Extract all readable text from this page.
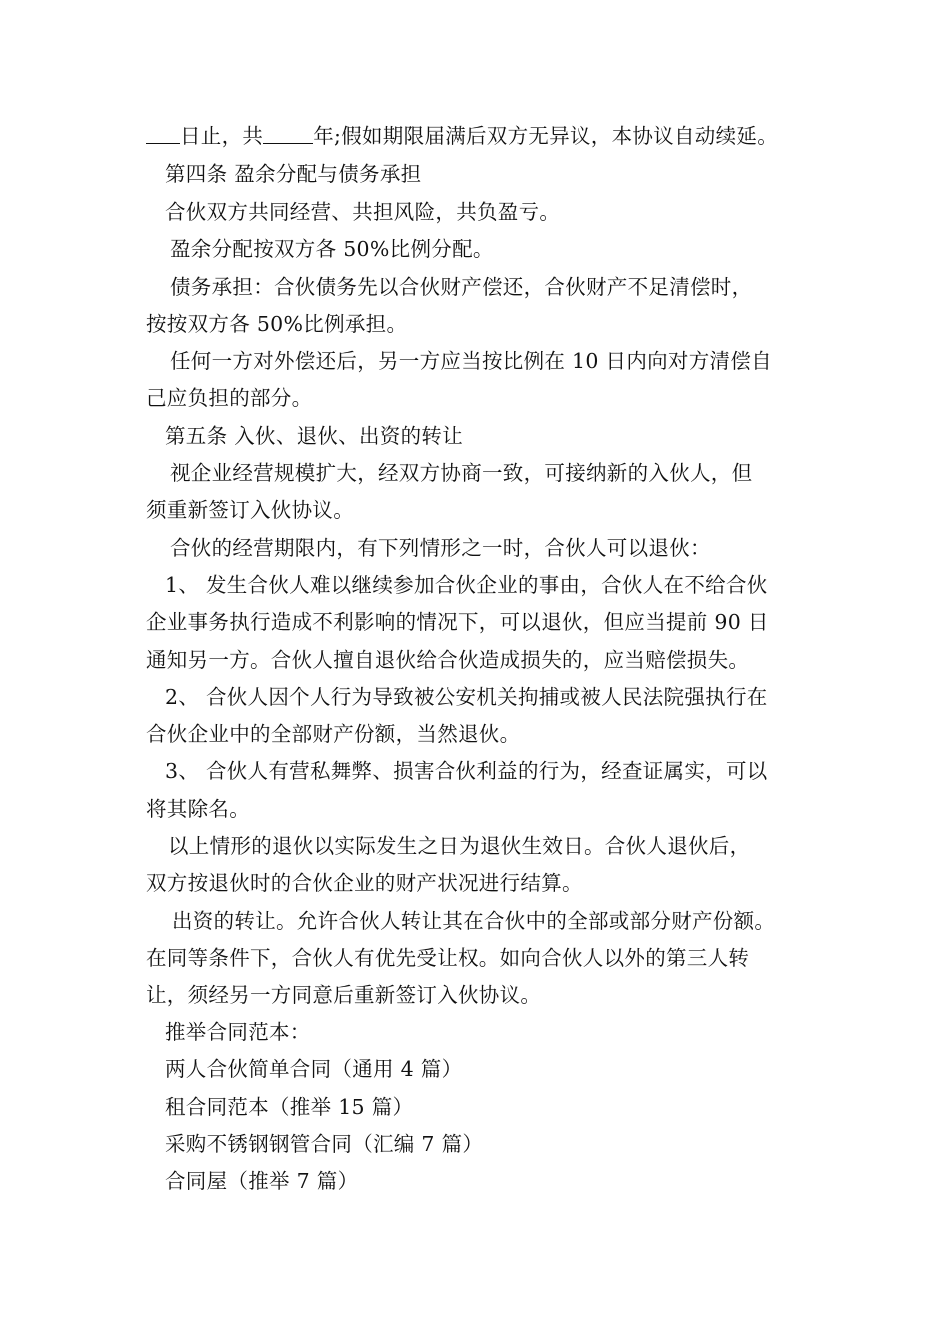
日止，共 年;假如期限届满后双方无异议，本协议自动续延。
第四条 盈余分配与债务承担
合伙双方共同经营、共担风险，共负盈亏。
盈余分配按双方各 50%比例分配。
债务承担：合伙债务先以合伙财产偿还，合伙财产不足清偿时，
按按双方各 50%比例承担。
任何一方对外偿还后，另一方应当按比例在 10 日内向对方清偿自
己应负担的部分。
第五条 入伙、退伙、出资的转让
视企业经营规模扩大，经双方协商一致，可接纳新的入伙人，但
须重新签订入伙协议。
合伙的经营期限内，有下列情形之一时，合伙人可以退伙：
1、 发生合伙人难以继续参加合伙企业的事由，合伙人在不给合伙
企业事务执行造成不利影响的情况下，可以退伙，但应当提前 90 日
通知另一方。合伙人擅自退伙给合伙造成损失的，应当赔偿损失。
2、 合伙人因个人行为导致被公安机关拘捕或被人民法院强执行在
合伙企业中的全部财产份额，当然退伙。
3、 合伙人有营私舞弊、损害合伙利益的行为，经查证属实，可以
将其除名。
以上情形的退伙以实际发生之日为退伙生效日。合伙人退伙后，
双方按退伙时的合伙企业的财产状况进行结算。
出资的转让。允许合伙人转让其在合伙中的全部或部分财产份额。
在同等条件下，合伙人有优先受让权。如向合伙人以外的第三人转
让，须经另一方同意后重新签订入伙协议。
推举合同范本：
两人合伙简单合同（通用 4 篇）
租合同范本（推举 15 篇）
采购不锈钢钢管合同（汇编 7 篇）
合同屋（推举 7 篇）
